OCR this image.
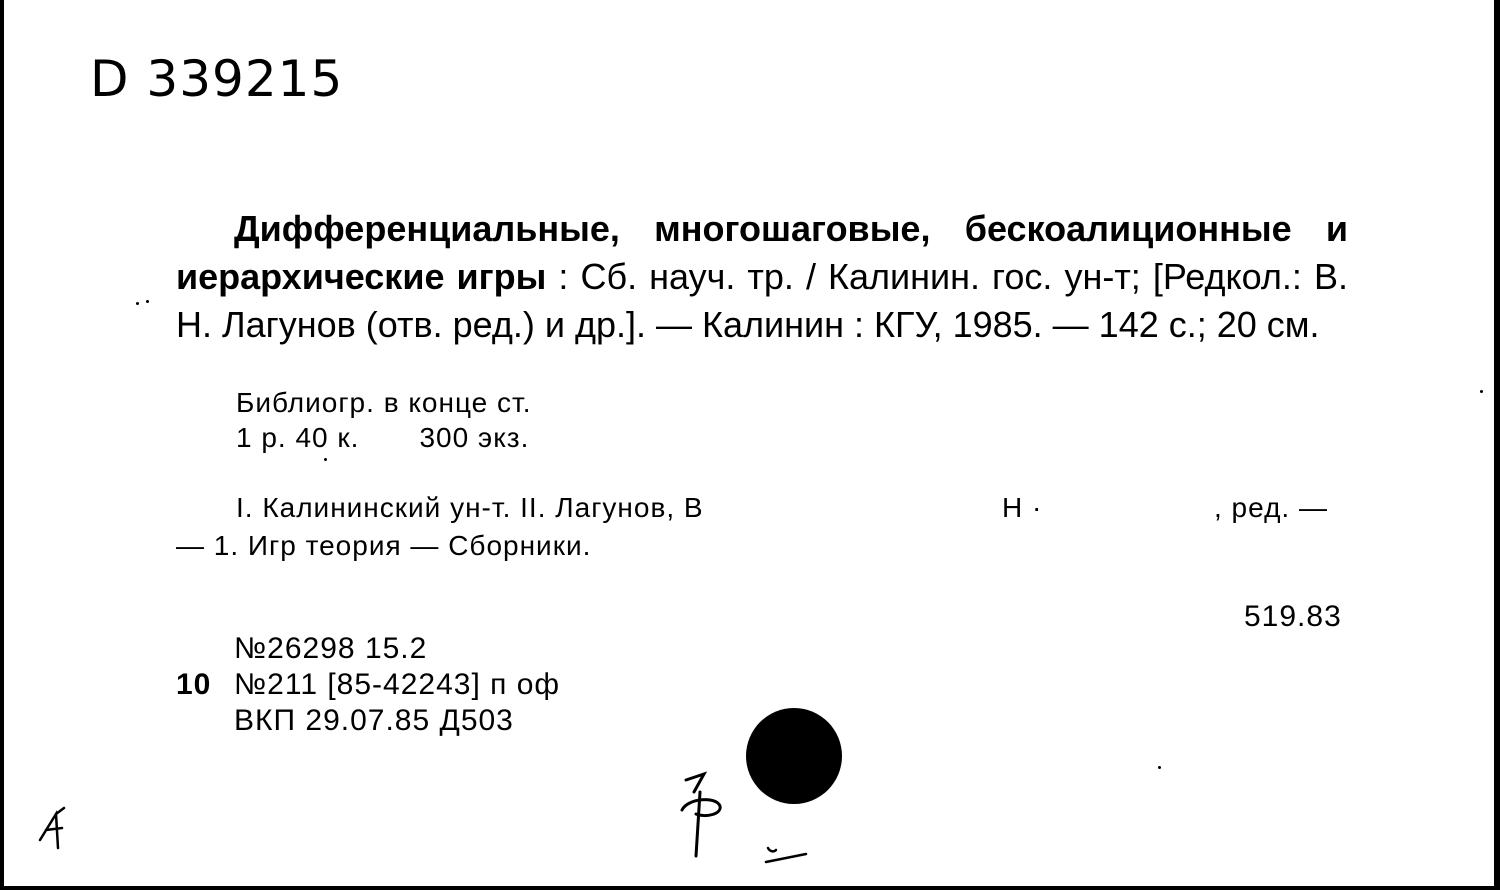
D 339215
Дифференциальные, многошаговые, бескоалиционные и иерархические игры : Сб. науч. тр. / Калинин. гос. ун-т; [Редкол.: В. Н. Лагунов (отв. ред.) и др.]. — Калинин : КГУ, 1985. — 142 с.; 20 см.
Библиогр. в конце ст.
1 р. 40 к. 300 экз.
I. Калининский ун-т. II. Лагунов, В	Н ·	, ред. —
— 1. Игр теория — Сборники.
519.83
№26298 15.2
10 №211 [85-42243] п оф
ВКП 29.07.85 Д503
